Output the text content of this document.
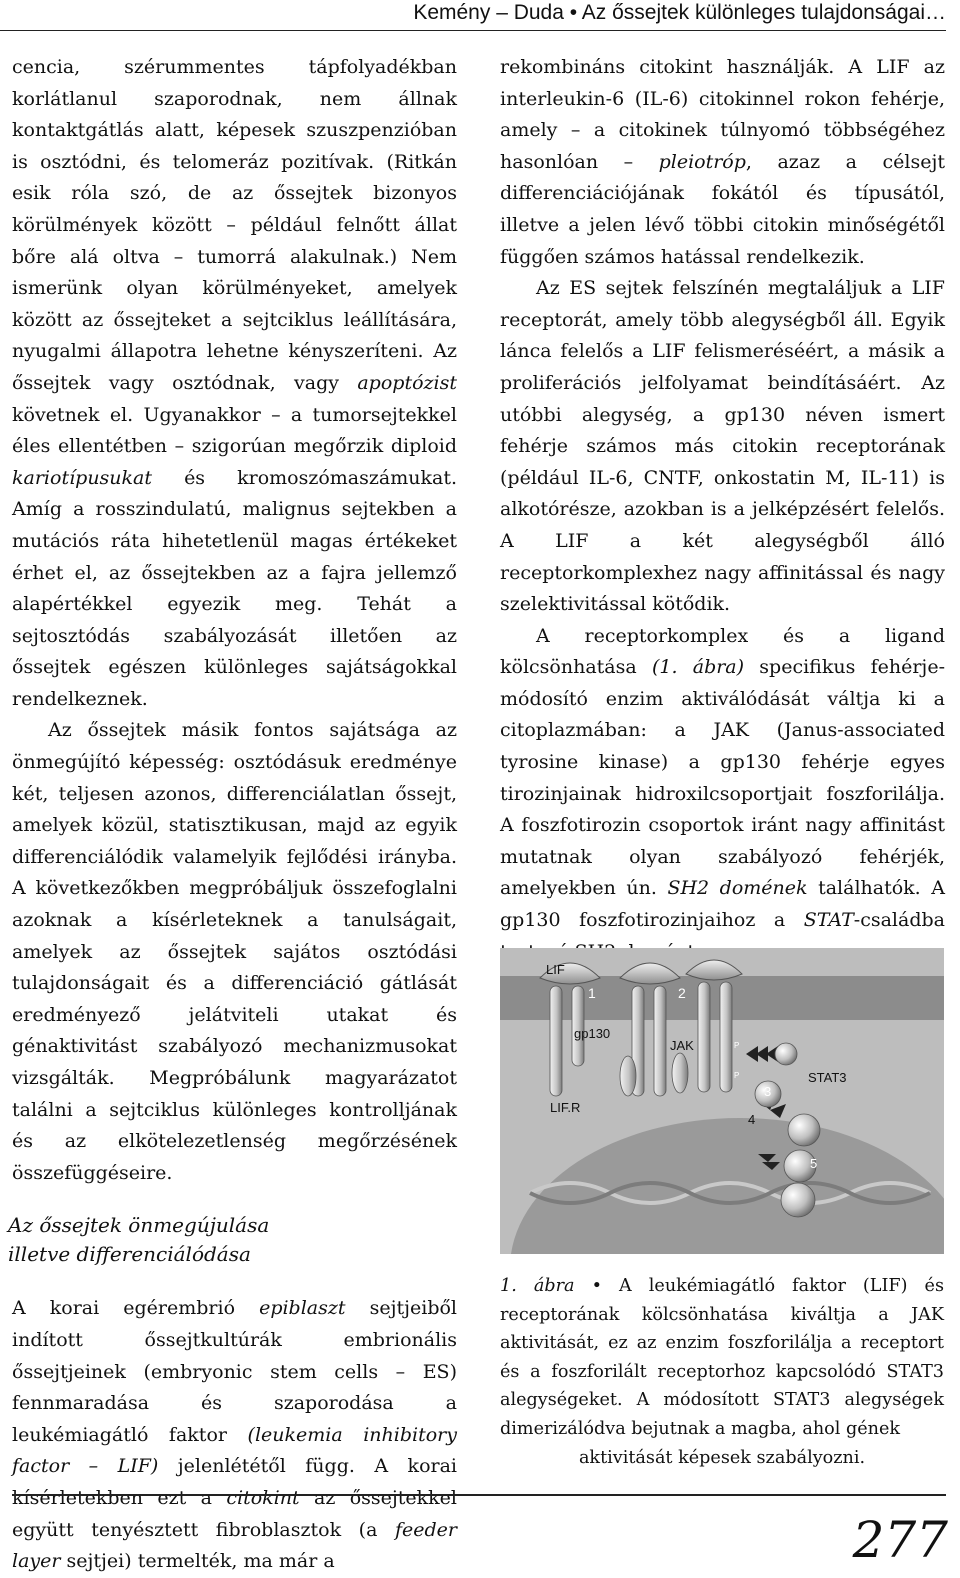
Kemény – Duda • Az őssejtek különleges tulajdonságai…

cencia, szérummentes tápfolyadékban korlátlanul szaporodnak, nem állnak kontaktgátlás alatt, képesek szuszpenzióban is osztódni, és telomeráz pozitívak. (Ritkán esik róla szó, de az őssejtek bizonyos körülmények között – például felnőtt állat bőre alá oltva – tumorrá alakulnak.) Nem ismerünk olyan körülményeket, amelyek között az őssejteket a sejtciklus leállítására, nyugalmi állapotra lehetne kényszeríteni. Az őssejtek vagy osztódnak, vagy apoptózist követnek el. Ugyanakkor – a tumorsejtekkel éles ellentétben – szigorúan megőrzik diploid kariotípusukat és kromoszómaszámukat. Amíg a rosszindulatú, malignus sejtekben a mutációs ráta hihetetlenül magas értékeket érhet el, az őssejtekben az a fajra jellemző alapértékkel egyezik meg. Tehát a sejtosztódás szabályozását illetően az őssejtek egészen különleges sajátságokkal rendelkeznek.

Az őssejtek másik fontos sajátsága az önmegújító képesség: osztódásuk eredménye két, teljesen azonos, differenciálatlan őssejt, amelyek közül, statisztikusan, majd az egyik differenciálódik valamelyik fejlődési irányba. A következőkben megpróbáljuk összefoglalni azoknak a kísérleteknek a tanulságait, amelyek az őssejtek sajátos osztódási tulajdonságait és a differenciáció gátlását eredményező jelátviteli utakat és génaktivitást szabályozó mechanizmusokat vizsgálták. Megpróbálunk magyarázatot találni a sejtciklus különleges kontrolljának és az elkötelezetlenség megőrzésének összefüggéseire.

Az őssejtek önmegújulása
illetve differenciálódása

A korai egérembrió epiblaszt sejtjeiből indított őssejtkultúrák embrionális őssejtjeinek (embryonic stem cells – ES) fennmaradása és szaporodása a leukémiagátló faktor (leukemia inhibitory factor – LIF) jelenlététől függ. A korai kísérletekben ezt a citokint az őssejtekkel együtt tenyésztett fibroblasztok (a feeder layer sejtjei) termelték, ma már a

rekombináns citokint használják. A LIF az interleukin-6 (IL-6) citokinnel rokon fehérje, amely – a citokinek túlnyomó többségéhez hasonlóan – pleiotróp, azaz a célsejt differenciációjának fokától és típusától, illetve a jelen lévő többi citokin minőségétől függően számos hatással rendelkezik.

Az ES sejtek felszínén megtaláljuk a LIF receptorát, amely több alegységből áll. Egyik lánca felelős a LIF felismeréséért, a másik a proliferációs jelfolyamat beindításáért. Az utóbbi alegység, a gp130 néven ismert fehérje számos más citokin receptorának (például IL-6, CNTF, onkostatin M, IL-11) is alkotórésze, azokban is a jelképzésért felelős. A LIF a két alegységből álló receptorkomplexhez nagy affinitással és nagy szelektivitással kötődik.

A receptorkomplex és a ligand kölcsönhatása (1. ábra) specifikus fehérje-módosító enzim aktiválódását váltja ki a citoplazmában: a JAK (Janus-associated tyrosine kinase) a gp130 fehérje egyes tirozinjainak hidroxilcsoportjait foszforilálja. A foszfotirozin csoportok iránt nagy affinitást mutatnak olyan szabályozó fehérjék, amelyekben ún. SH2 domének találhatók. A gp130 foszfotirozinjaihoz a STAT-családba

LIF
gp130
JAK
STAT3
LIF.R
1	2
3
4
5
P
P
1. ábra • A leukémiagátló faktor (LIF) és receptorának kölcsönhatása kiváltja a JAK aktivitását, ez az enzim foszforilálja a receptort és a foszforilált receptorhoz kapcsolódó STAT3 alegységeket. A módosított STAT3 alegységek dimerizálódva bejutnak a magba, ahol gének
aktivitását képesek szabályozni.
277
